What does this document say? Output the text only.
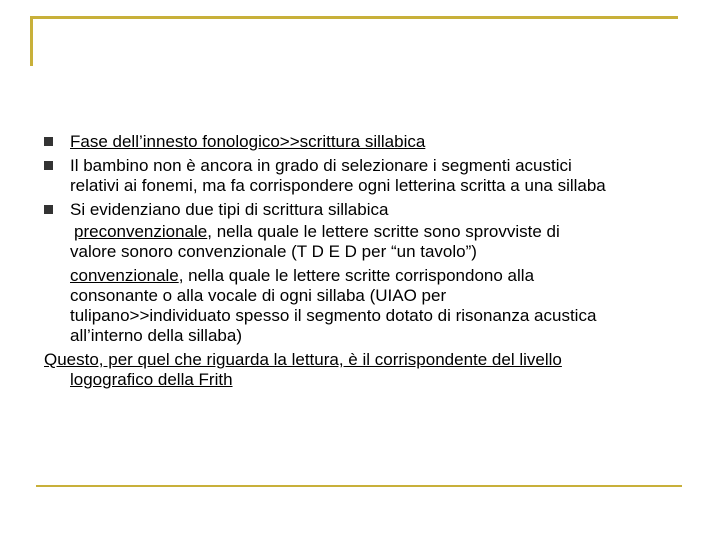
Fase dell’innesto fonologico>>scrittura sillabica
Il bambino non è ancora in grado di selezionare i segmenti acustici
relativi ai fonemi, ma fa corrispondere ogni letterina scritta a una sillaba
Si evidenziano due tipi di scrittura sillabica
preconvenzionale, nella quale le lettere scritte sono sprovviste di
valore sonoro convenzionale (T D E D per “un tavolo”)
convenzionale, nella quale le lettere scritte corrispondono alla
consonante o alla vocale di ogni sillaba (UIAO per
tulipano>>individuato spesso il segmento dotato di risonanza acustica
all’interno della sillaba)
Questo, per quel che riguarda la lettura, è il corrispondente del livello
logografico della Frith
